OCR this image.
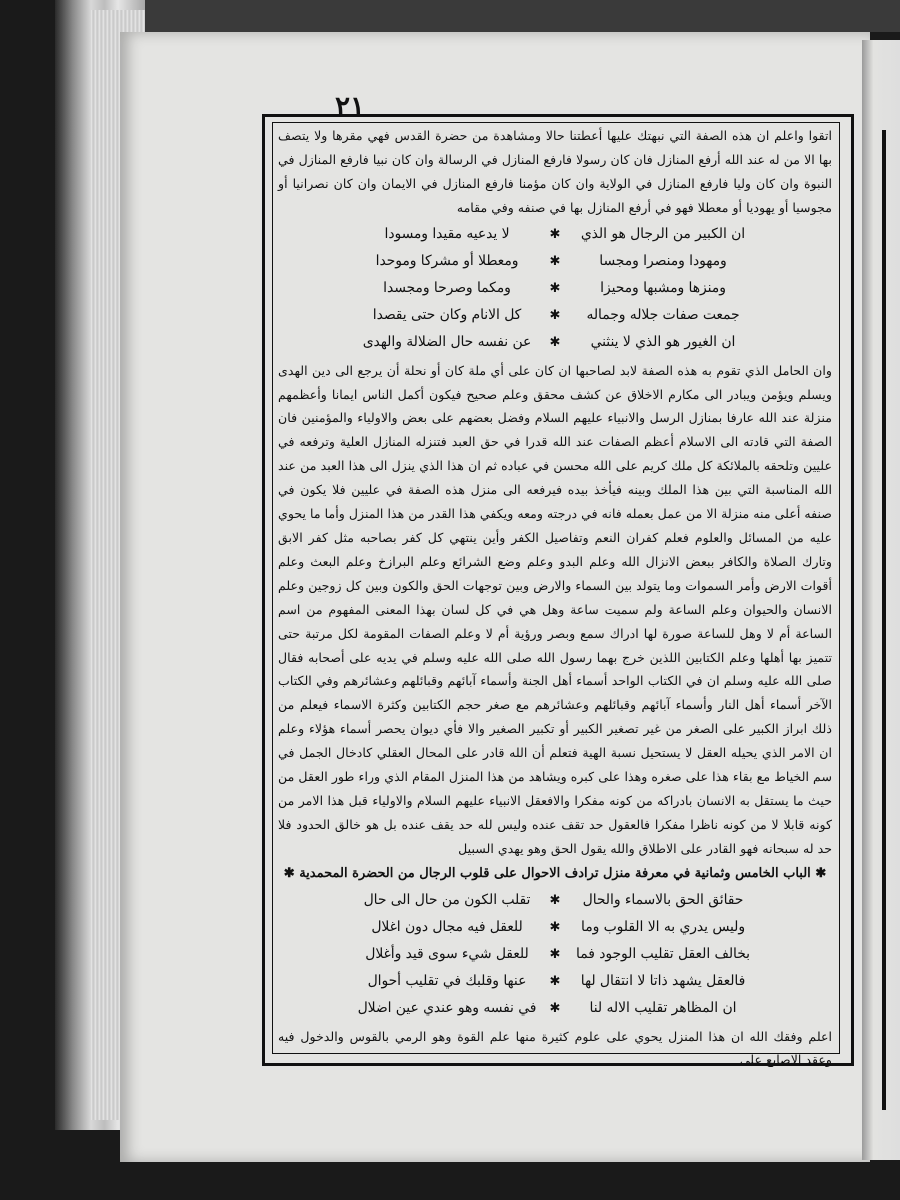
٢١

اتقوا واعلم ان هذه الصفة التي نبهتك عليها أعطتنا حالا ومشاهدة من حضرة القدس فهي مقرها ولا يتصف بها الا من له عند الله أرفع المنازل فان كان رسولا فارفع المنازل في الرسالة وان كان نبيا فارفع المنازل في النبوة وان كان وليا فارفع المنازل في الولاية وان كان مؤمنا فارفع المنازل في الايمان وان كان نصرانيا أو مجوسيا أو يهوديا أو معطلا فهو في أرفع المنازل بها في صنفه وفي مقامه

ان الكبير من الرجال هو الذي
✱
لا يدعيه مقيدا ومسودا
ومهودا ومنصرا ومجسا
✱
ومعطلا أو مشركا وموحدا
ومنزها ومشبها ومحيزا
✱
ومكما وصرحا ومجسدا
جمعت صفات جلاله وجماله
✱
كل الانام وكان حتى يقصدا
ان الغيور هو الذي لا ينثني
✱
عن نفسه حال الضلالة والهدى

وان الحامل الذي تقوم به هذه الصفة لابد لصاحبها ان كان على أي ملة كان أو نحلة أن يرجع الى دين الهدى ويسلم ويؤمن ويبادر الى مكارم الاخلاق عن كشف محقق وعلم صحيح فيكون أكمل الناس ايمانا وأعظمهم منزلة عند الله عارفا بمنازل الرسل والانبياء عليهم السلام وفضل بعضهم على بعض والاولياء والمؤمنين فان الصفة التي قادته الى الاسلام أعظم الصفات عند الله قدرا في حق العبد فتنزله المنازل العلية وترفعه في عليين وتلحقه بالملائكة كل ملك كريم على الله محسن في عباده ثم ان هذا الذي ينزل الى هذا العبد من عند الله المناسبة التي بين هذا الملك وبينه فيأخذ بيده فيرفعه الى منزل هذه الصفة في عليين فلا يكون في صنفه أعلى منه منزلة الا من عمل بعمله فانه في درجته ومعه ويكفي هذا القدر من هذا المنزل وأما ما يحوي عليه من المسائل والعلوم فعلم كفران النعم وتفاصيل الكفر وأين ينتهي كل كفر بصاحبه مثل كفر الابق وتارك الصلاة والكافر ببعض الانزال الله وعلم البدو وعلم وضع الشرائع وعلم البرازخ وعلم البعث وعلم أقوات الارض وأمر السموات وما يتولد بين السماء والارض وبين توجهات الحق والكون وبين كل زوجين وعلم الانسان والحيوان وعلم الساعة ولم سميت ساعة وهل هي في كل لسان بهذا المعنى المفهوم من اسم الساعة أم لا وهل للساعة صورة لها ادراك سمع وبصر ورؤية أم لا وعلم الصفات المقومة لكل مرتبة حتى تتميز بها أهلها وعلم الكتابين اللذين خرج بهما رسول الله صلى الله عليه وسلم في يديه على أصحابه فقال صلى الله عليه وسلم ان في الكتاب الواحد أسماء أهل الجنة وأسماء آبائهم وقبائلهم وعشائرهم وفي الكتاب الآخر أسماء أهل النار وأسماء آبائهم وقبائلهم وعشائرهم مع صغر حجم الكتابين وكثرة الاسماء فيعلم من ذلك ابراز الكبير على الصغر من غير تصغير الكبير أو تكبير الصغير والا فأي ديوان يحصر أسماء هؤلاء وعلم ان الامر الذي يحيله العقل لا يستحيل نسبة الهية فتعلم أن الله قادر على المحال العقلي كادخال الجمل في سم الخياط مع بقاء هذا على صغره وهذا على كبره ويشاهد من هذا المنزل المقام الذي وراء طور العقل من حيث ما يستقل به الانسان بادراكه من كونه مفكرا والافعقل الانبياء عليهم السلام والاولياء قبل هذا الامر من كونه قابلا لا من كونه ناظرا مفكرا فالعقول حد تقف عنده وليس لله حد يقف عنده بل هو خالق الحدود فلا حد له سبحانه فهو القادر على الاطلاق والله يقول الحق وهو يهدي السبيل

✱ الباب الخامس وثمانية في معرفة منزل ترادف الاحوال على قلوب الرجال من الحضرة المحمدية ✱
حقائق الحق بالاسماء والحال
✱
تقلب الكون من حال الى حال
وليس يدري به الا القلوب وما
✱
للعقل فيه مجال دون اغلال
بخالف العقل تقليب الوجود فما
✱
للعقل شيء سوى قيد وأغلال
فالعقل يشهد ذاتا لا انتقال لها
✱
عنها وقلبك في تقليب أحوال
ان المظاهر تقليب الاله لنا
✱
في نفسه وهو عندي عين اضلال

اعلم وفقك الله ان هذا المنزل يحوي على علوم كثيرة منها علم القوة وهو الرمي بالقوس والدخول فيه وعقد الاصابع على
